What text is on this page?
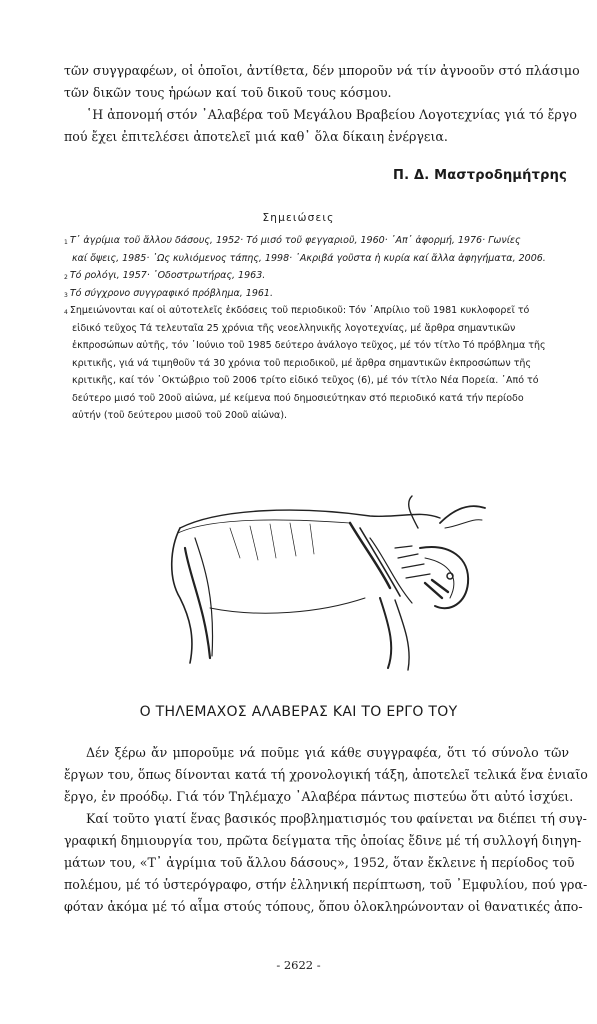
τῶν συγγραφέων, οἱ ὁποῖοι, ἀντίθετα, δέν μποροῦν νά τίν ἀγνοοῦν στό πλάσιμο
τῶν δικῶν τους ἡρώων καί τοῦ δικοῦ τους κόσμου.

῾Η ἀπονομή στόν ᾿Αλαβέρα τοῦ Μεγάλου Βραβείου Λογοτεχνίας γιά τό ἔργο
πού ἔχει ἐπιτελέσει ἀποτελεῖ μιά καθ᾿ ὅλα δίκαιη ἐνέργεια.

Π. Δ. Μαστροδημήτρης
Σημειώσεις
$^1$ Τ᾿ ἀγρίμια τοῦ ἄλλου δάσους, 1952· Τό μισό τοῦ φεγγαριοῦ, 1960· ᾿Απ᾿ ἀφορμή, 1976· Γωνίες
καί ὄψεις, 1985· ῾Ως κυλιόμενος τάπης, 1998· ᾿Ακριβά γοῦστα ἡ κυρία καί ἄλλα ἀφηγήματα, 2006.
$^2$ Τό ρολόγι, 1957· ῾Οδοστρωτήρας, 1963.
$^3$ Τό σύγχρονο συγγραφικό πρόβλημα, 1961.
$^4$ Σημειώνονται καί οἱ αὐτοτελεῖς ἐκδόσεις τοῦ περιοδικοῦ: Τόν ᾿Απρίλιο τοῦ 1981 κυκλοφορεῖ τό
εἰδικό τεῦχος Τά τελευταῖα 25 χρόνια τῆς νεοελληνικῆς λογοτεχνίας, μέ ἄρθρα σημαντικῶν
ἐκπροσώπων αὐτῆς, τόν ᾿Ιούνιο τοῦ 1985 δεύτερο ἀνάλογο τεῦχος, μέ τόν τίτλο Τό πρόβλημα τῆς
κριτικῆς, γιά νά τιμηθοῦν τά 30 χρόνια τοῦ περιοδικοῦ, μέ ἄρθρα σημαντικῶν ἐκπροσώπων τῆς
κριτικῆς, καί τόν ᾿Οκτώβριο τοῦ 2006 τρίτο εἰδικό τεῦχος (6), μέ τόν τίτλο Νέα Πορεία. ᾿Από τό
δεύτερο μισό τοῦ 20οῦ αἰώνα, μέ κείμενα πού δημοσιεύτηκαν στό περιοδικό κατά τήν περίοδο
αὐτήν (τοῦ δεύτερου μισοῦ τοῦ 20οῦ αἰώνα).
Ο ΤΗΛΕΜΑΧΟΣ ΑΛΑΒΕΡΑΣ ΚΑΙ ΤΟ ΕΡΓΟ ΤΟΥ

Δέν ξέρω ἄν μποροῦμε νά ποῦμε γιά κάθε συγγραφέα, ὅτι τό σύνολο τῶν
ἔργων του, ὅπως δίνονται κατά τή χρονολογική τάξη, ἀποτελεῖ τελικά ἕνα ἑνιαῖο
ἔργο, ἐν προόδῳ. Γιά τόν Τηλέμαχο ᾿Αλαβέρα πάντως πιστεύω ὅτι αὐτό ἰσχύει.

Καί τοῦτο γιατί ἕνας βασικός προβληματισμός του φαίνεται να διέπει τή συγ-
γραφική δημιουργία του, πρῶτα δείγματα τῆς ὁποίας ἔδινε μέ τή συλλογή διηγη-
μάτων του, «Τ᾿ ἀγρίμια τοῦ ἄλλου δάσους», 1952, ὅταν ἔκλεινε ἡ περίοδος τοῦ
πολέμου, μέ τό ὑστερόγραφο, στήν ἑλληνική περίπτωση, τοῦ ᾿Εμφυλίου, πού γρα-
φόταν ἀκόμα μέ τό αἷμα στούς τόπους, ὅπου ὁλοκληρώνονταν οἱ θανατικές ἀπο-

- 2622 -
